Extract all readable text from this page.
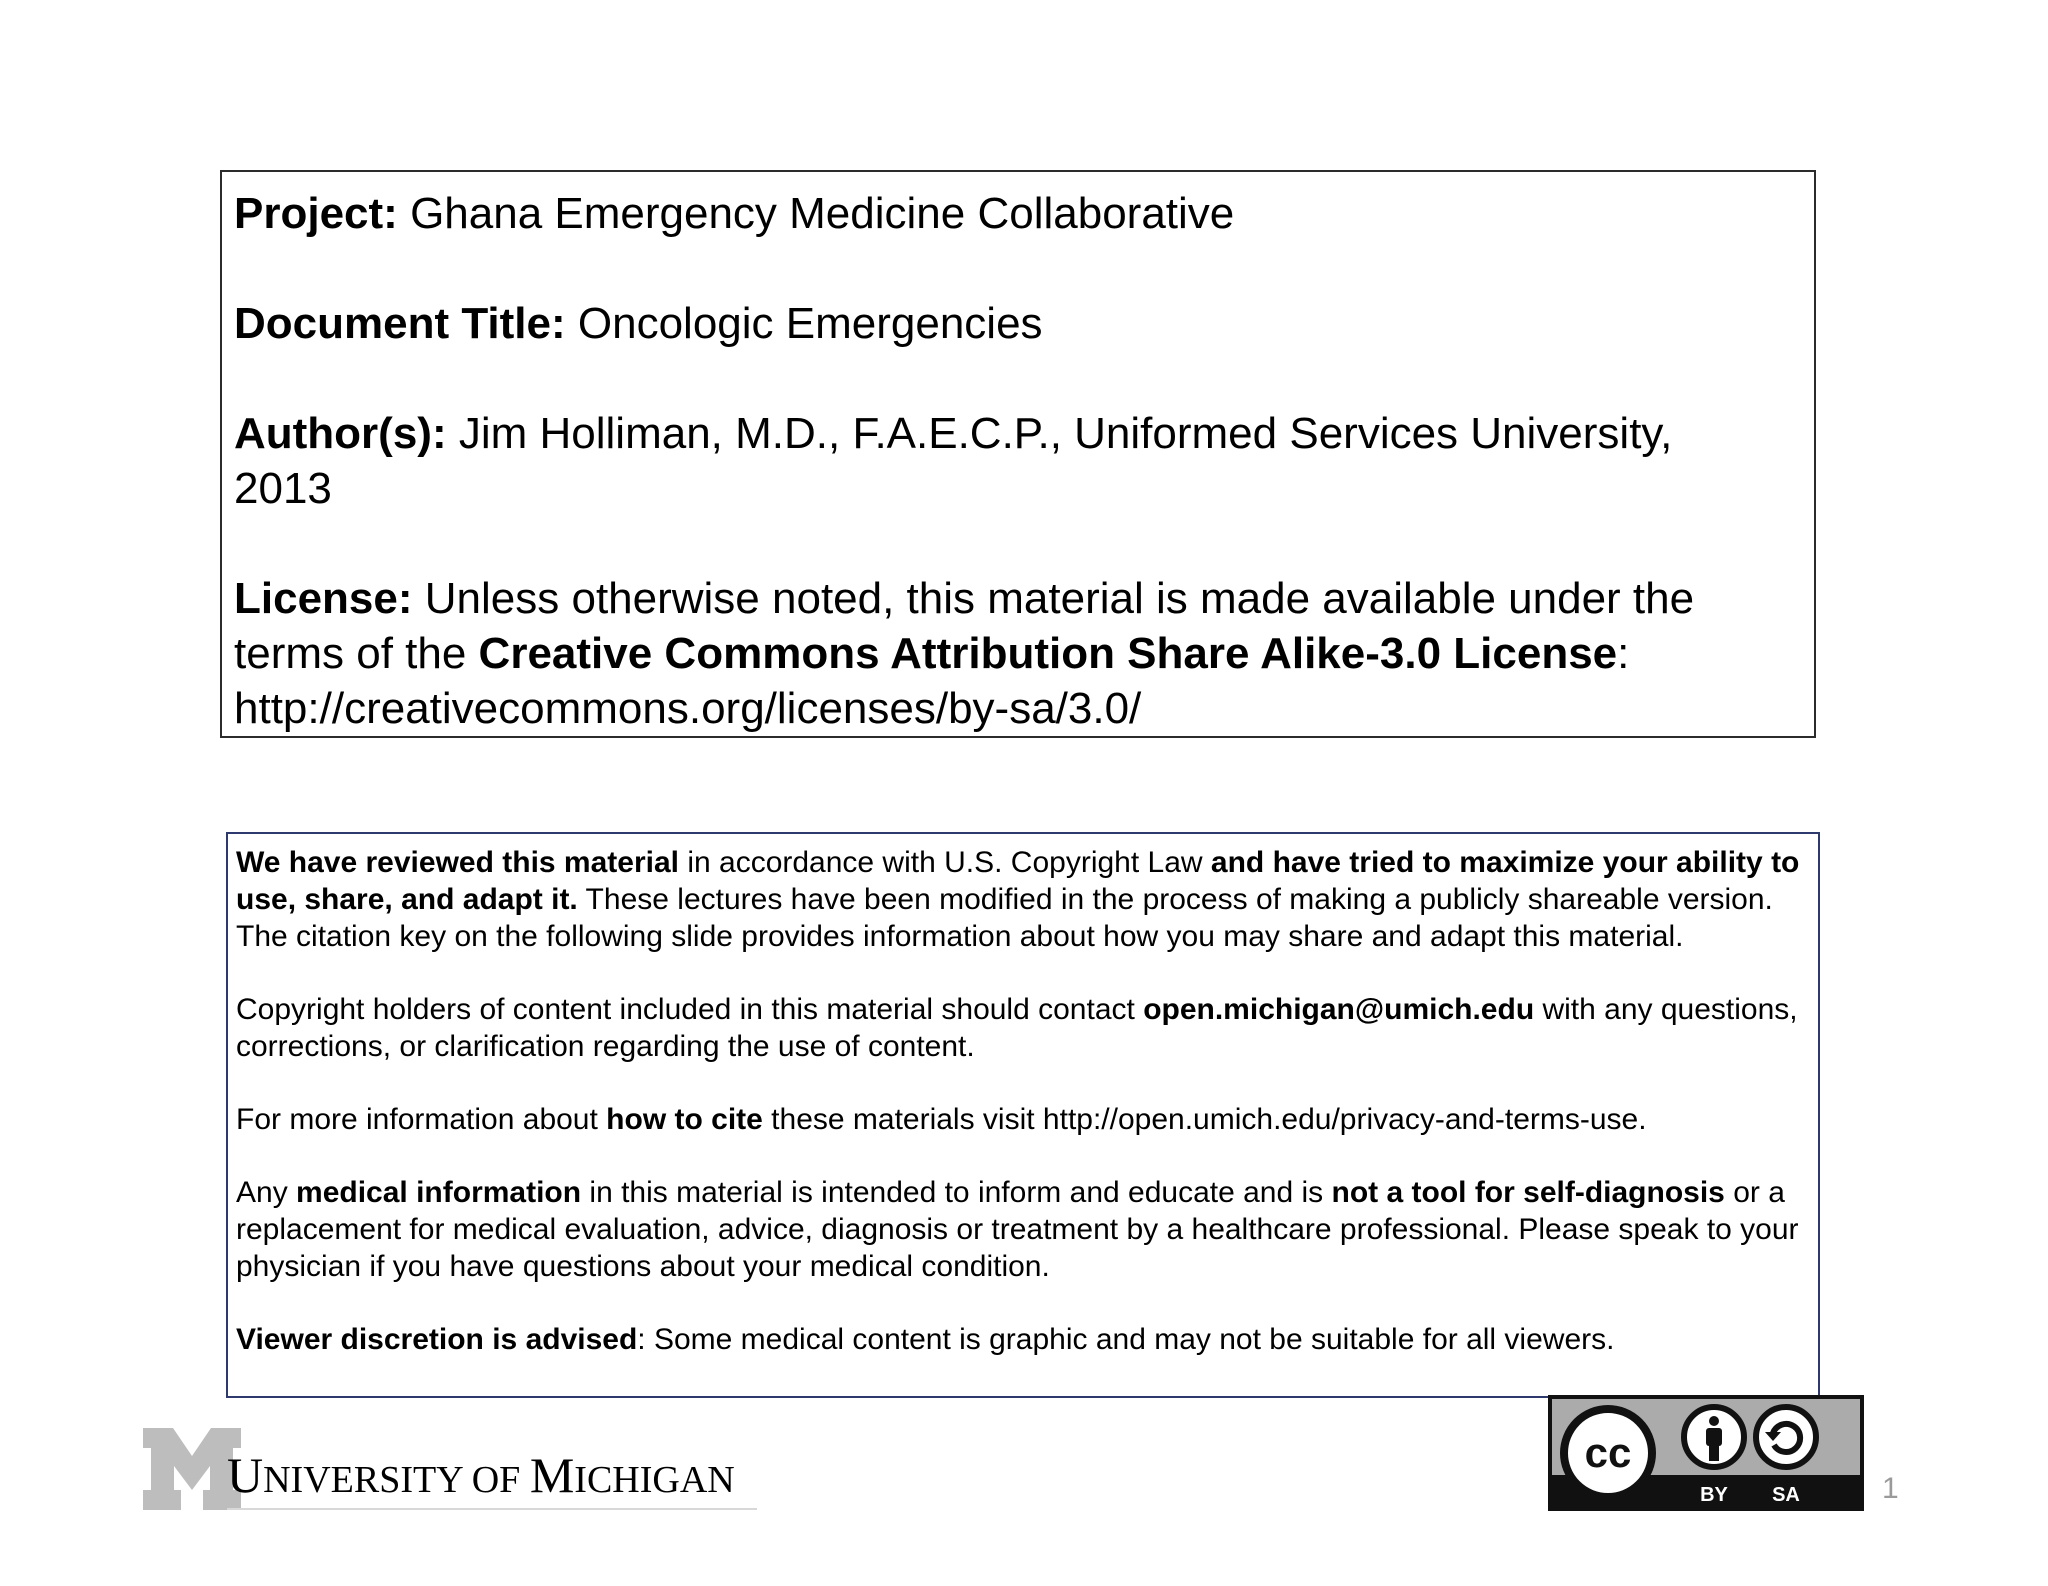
Project: Ghana Emergency Medicine Collaborative

Document Title: Oncologic Emergencies

Author(s): Jim Holliman, M.D., F.A.E.C.P., Uniformed Services University,
2013

License: Unless otherwise noted, this material is made available under the terms of the Creative Commons Attribution Share Alike-3.0 License:
http://creativecommons.org/licenses/by-sa/3.0/

We have reviewed this material in accordance with U.S. Copyright Law and have tried to maximize your ability to use, share, and adapt it. These lectures have been modified in the process of making a publicly shareable version. The citation key on the following slide provides information about how you may share and adapt this material.

Copyright holders of content included in this material should contact open.michigan@umich.edu with any questions, corrections, or clarification regarding the use of content.

For more information about how to cite these materials visit http://open.umich.edu/privacy-and-terms-use.

Any medical information in this material is intended to inform and educate and is not a tool for self-diagnosis or a replacement for medical evaluation, advice, diagnosis or treatment by a healthcare professional. Please speak to your physician if you have questions about your medical condition.

Viewer discretion is advised: Some medical content is graphic and may not be suitable for all viewers.

UNIVERSITY OF MICHIGAN
cc
BY SA	1
